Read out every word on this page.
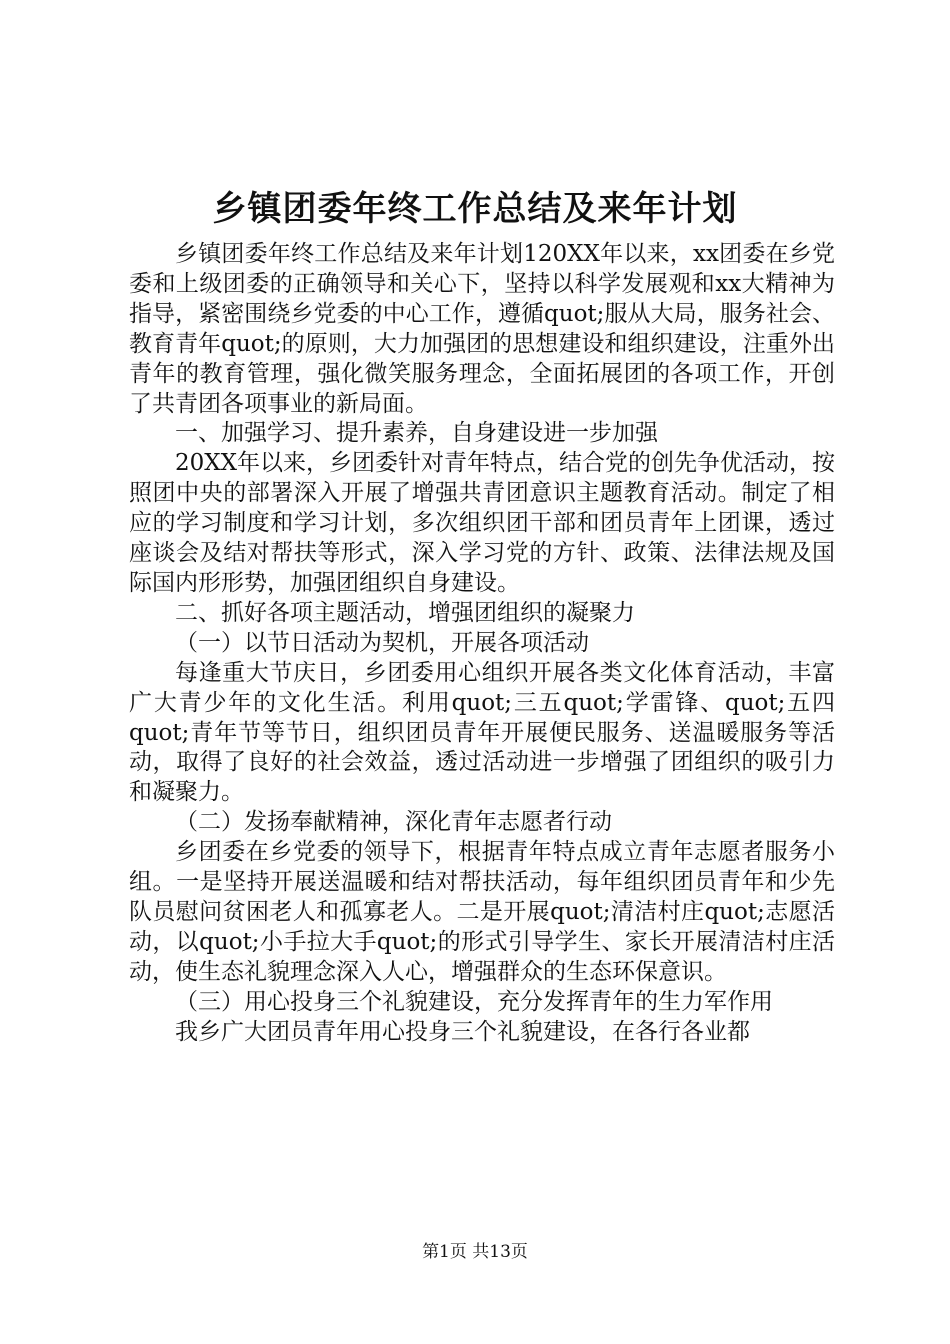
乡镇团委年终工作总结及来年计划

乡镇团委年终工作总结及来年计划120XX年以来，xx团委在乡党委和上级团委的正确领导和关心下，坚持以科学发展观和xx大精神为指导，紧密围绕乡党委的中心工作，遵循quot;服从大局，服务社会、教育青年quot;的原则，大力加强团的思想建设和组织建设，注重外出青年的教育管理，强化微笑服务理念，全面拓展团的各项工作，开创了共青团各项事业的新局面。

一、加强学习、提升素养，自身建设进一步加强

20XX年以来，乡团委针对青年特点，结合党的创先争优活动，按照团中央的部署深入开展了增强共青团意识主题教育活动。制定了相应的学习制度和学习计划，多次组织团干部和团员青年上团课，透过座谈会及结对帮扶等形式，深入学习党的方针、政策、法律法规及国际国内形形势，加强团组织自身建设。

二、抓好各项主题活动，增强团组织的凝聚力

（一）以节日活动为契机，开展各项活动

每逢重大节庆日，乡团委用心组织开展各类文化体育活动，丰富广大青少年的文化生活。利用quot;三五quot;学雷锋、quot;五四quot;青年节等节日，组织团员青年开展便民服务、送温暖服务等活动，取得了良好的社会效益，透过活动进一步增强了团组织的吸引力和凝聚力。

（二）发扬奉献精神，深化青年志愿者行动

乡团委在乡党委的领导下，根据青年特点成立青年志愿者服务小组。一是坚持开展送温暖和结对帮扶活动，每年组织团员青年和少先队员慰问贫困老人和孤寡老人。二是开展quot;清洁村庄quot;志愿活动，以quot;小手拉大手quot;的形式引导学生、家长开展清洁村庄活动，使生态礼貌理念深入人心，增强群众的生态环保意识。

（三）用心投身三个礼貌建设，充分发挥青年的生力军作用

我乡广大团员青年用心投身三个礼貌建设，在各行各业都

第1页 共13页
